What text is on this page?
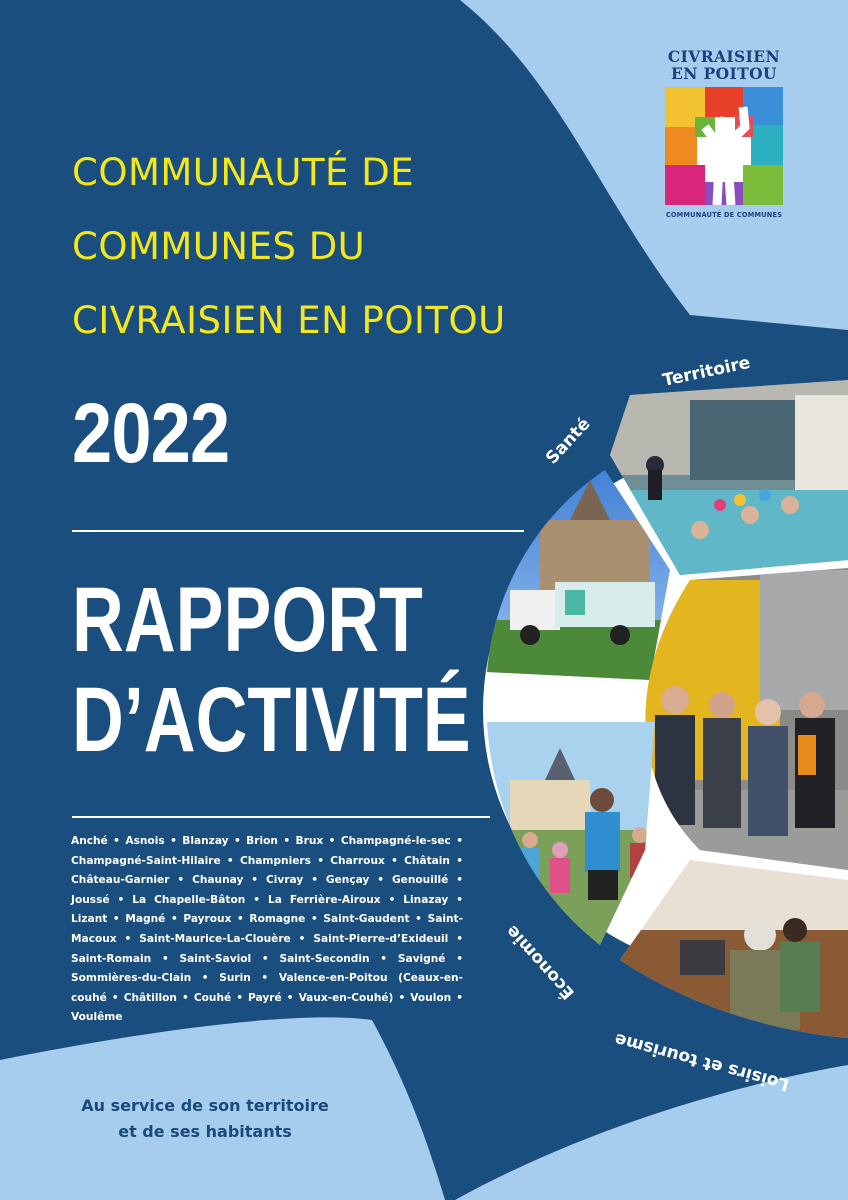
Santé
Territoire
Économie
Loisirs et tourisme
CIVRAISIEN
EN POITOU
COMMUNAUTÉ DE COMMUNES
COMMUNAUTÉ DE
COMMUNES DU
CIVRAISIEN EN POITOU
2022
RAPPORT
D’ACTIVITÉ
Anché • Asnois • Blanzay • Brion • Brux • Champagné-le-sec • Champagné-Saint-Hilaire • Champniers • Charroux • Châtain • Château-Garnier • Chaunay • Civray • Gençay • Genouillé • Joussé • La Chapelle-Bâton • La Ferrière-Airoux • Linazay • Lizant • Magné • Payroux • Romagne • Saint-Gaudent • Saint-Macoux • Saint-Maurice-La-Clouère • Saint-Pierre-d’Exideuil • Saint-Romain • Saint-Saviol • Saint-Secondin • Savigné • Sommières-du-Clain • Surin • Valence-en-Poitou (Ceaux-en-couhé • Châtillon • Couhé • Payré • Vaux-en-Couhé) • Voulon • Voulême
Au service de son territoire
et de ses habitants
